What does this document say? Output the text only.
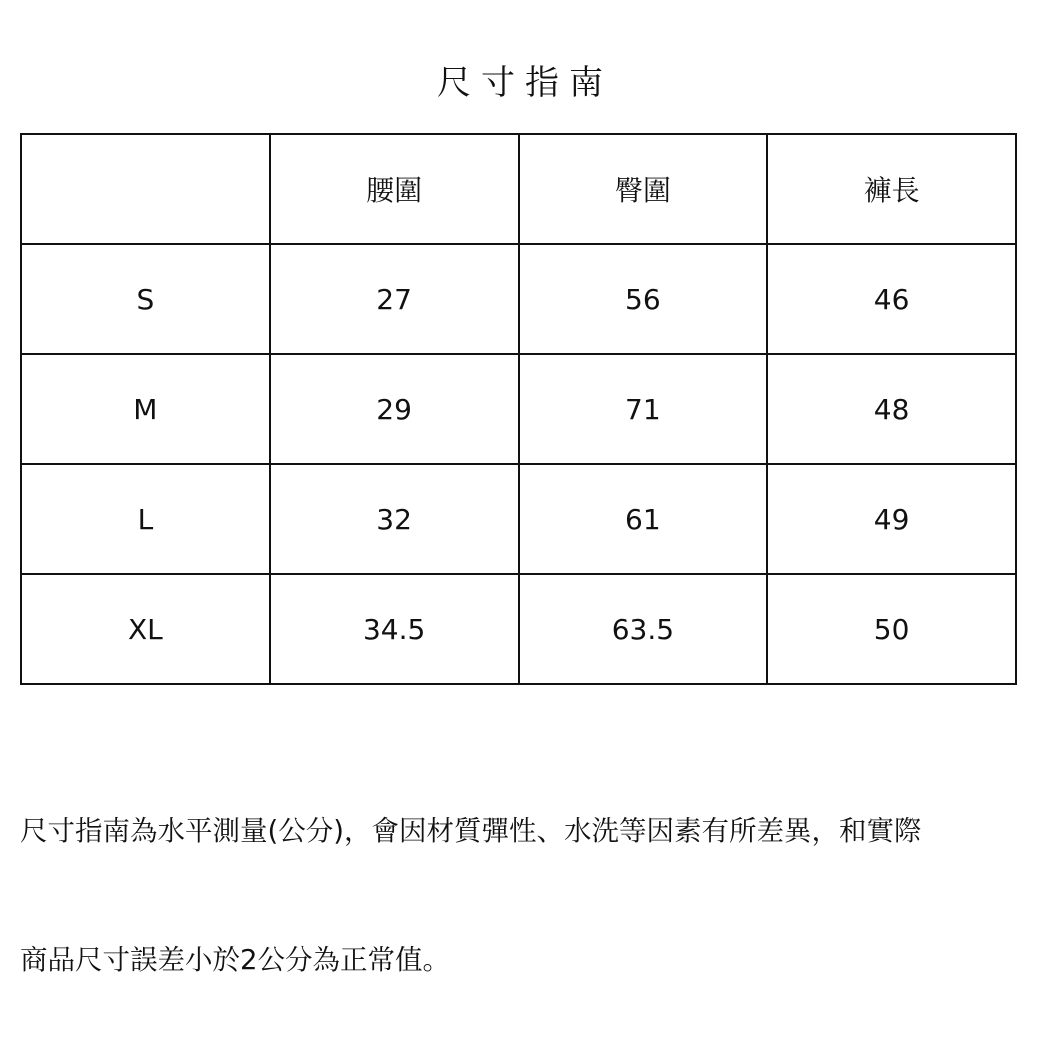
尺寸指南
	腰圍	臀圍	褲長
S	27	56	46
M	29	71	48
L	32	61	49
XL	34.5	63.5	50

尺寸指南為水平測量(公分)，會因材質彈性、水洗等因素有所差異，和實際

商品尺寸誤差小於2公分為正常值。
